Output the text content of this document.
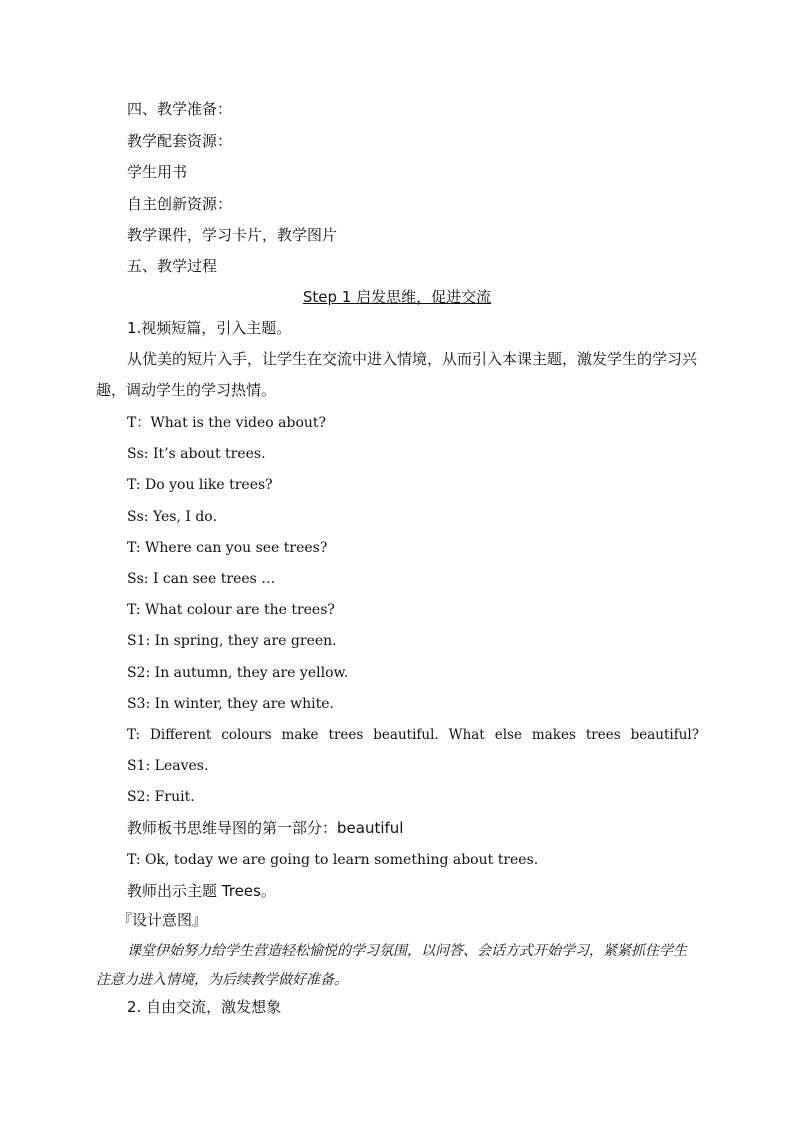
四、教学准备：

教学配套资源：

学生用书

自主创新资源：

教学课件，学习卡片，教学图片

五、教学过程

Step 1 启发思维，促进交流

1.视频短篇，引入主题。

从优美的短片入手，让学生在交流中进入情境，从而引入本课主题，激发学生的学习兴趣，调动学生的学习热情。

T：What is the video about?

Ss: It’s about trees.

T: Do you like trees?

Ss: Yes, I do.

T: Where can you see trees?

Ss: I can see trees …

T: What colour are the trees?

S1: In spring, they are green.

S2: In autumn, they are yellow.

S3: In winter, they are white.

T: Different colours make trees beautiful. What else makes trees beautiful?

S1: Leaves.

S2: Fruit.

教师板书思维导图的第一部分：beautiful

T: Ok, today we are going to learn something about trees.

教师出示主题 Trees。

『设计意图』

课堂伊始努力给学生营造轻松愉悦的学习氛围，以问答、会话方式开始学习，紧紧抓住学生注意力进入情境，为后续教学做好准备。

2. 自由交流，激发想象
